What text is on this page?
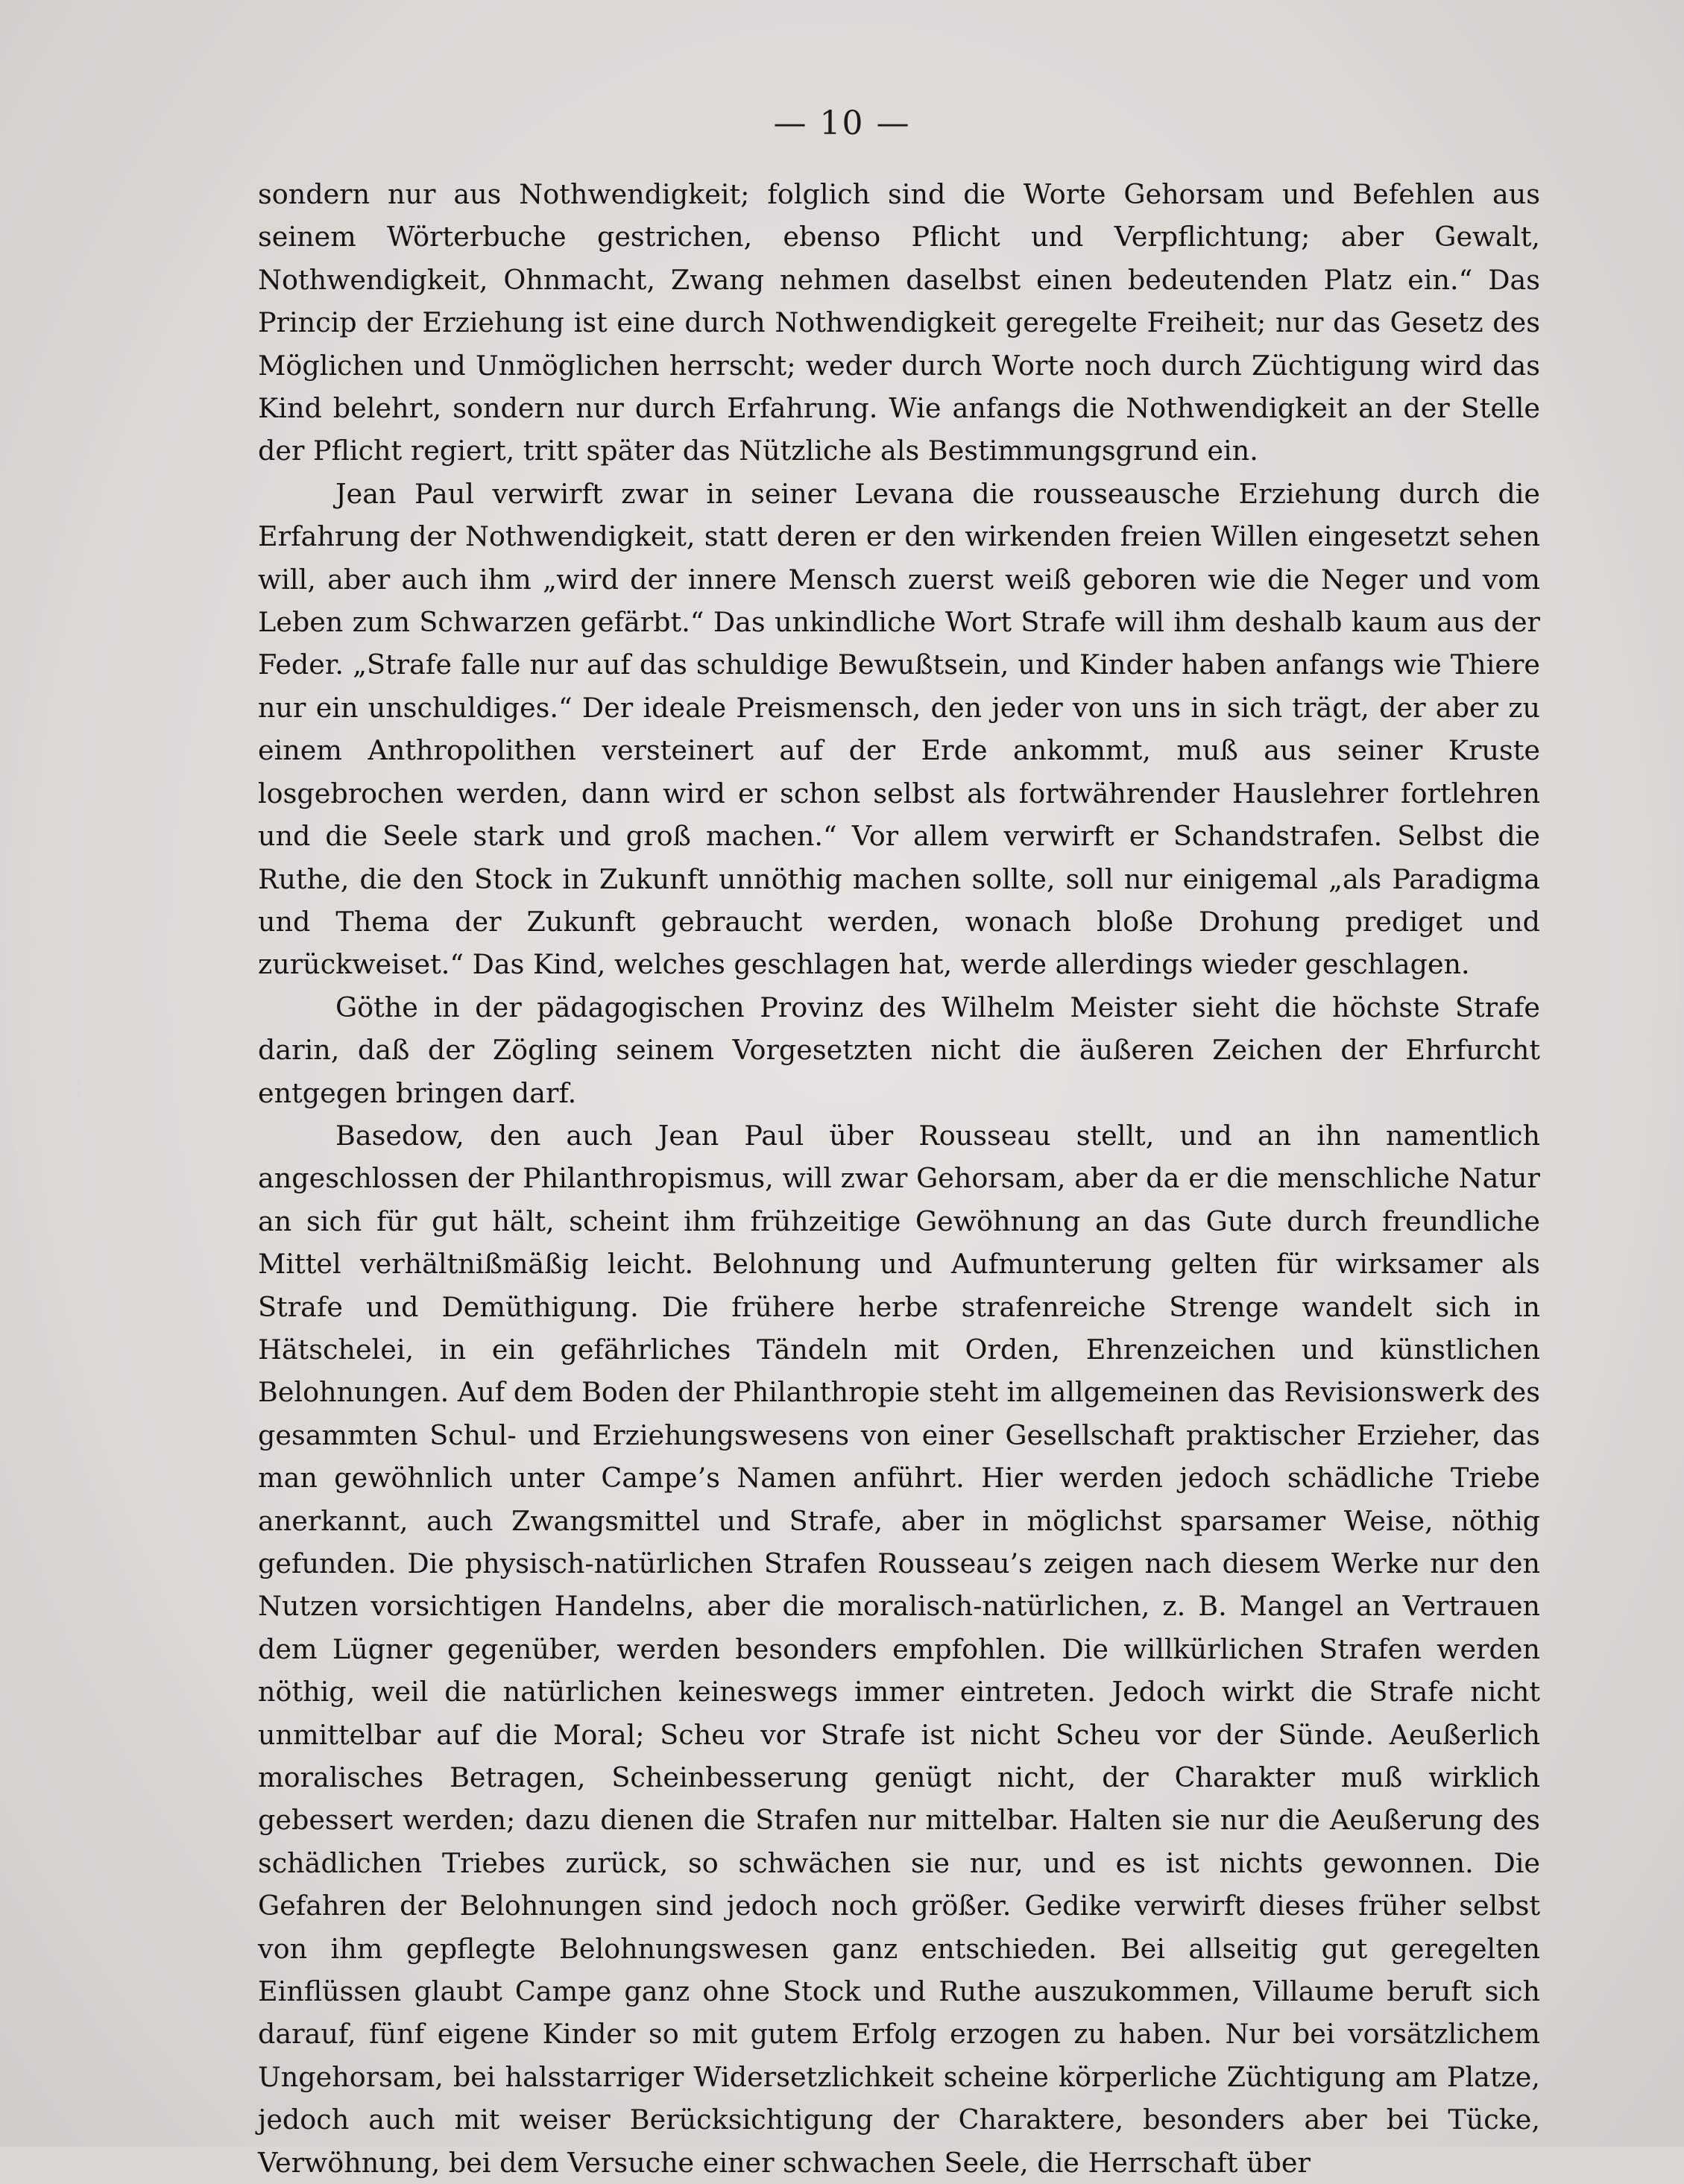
— 10 —

sondern nur aus Nothwendigkeit; folglich sind die Worte Gehorsam und Befehlen aus seinem Wörterbuche gestrichen, ebenso Pflicht und Verpflichtung; aber Gewalt, Nothwendigkeit, Ohnmacht, Zwang nehmen daselbst einen bedeutenden Platz ein.“ Das Princip der Erziehung ist eine durch Nothwendigkeit geregelte Freiheit; nur das Gesetz des Möglichen und Unmöglichen herrscht; weder durch Worte noch durch Züchtigung wird das Kind belehrt, sondern nur durch Erfahrung. Wie anfangs die Nothwendigkeit an der Stelle der Pflicht regiert, tritt später das Nützliche als Bestimmungsgrund ein.

Jean Paul verwirft zwar in seiner Levana die rousseausche Erziehung durch die Erfahrung der Nothwendigkeit, statt deren er den wirkenden freien Willen eingesetzt sehen will, aber auch ihm „wird der innere Mensch zuerst weiß geboren wie die Neger und vom Leben zum Schwarzen gefärbt.“ Das unkindliche Wort Strafe will ihm deshalb kaum aus der Feder. „Strafe falle nur auf das schuldige Bewußtsein, und Kinder haben anfangs wie Thiere nur ein unschuldiges.“ Der ideale Preismensch, den jeder von uns in sich trägt, der aber zu einem Anthropolithen versteinert auf der Erde ankommt, muß aus seiner Kruste losgebrochen werden, dann wird er schon selbst als fortwährender Hauslehrer fortlehren und die Seele stark und groß machen.“ Vor allem verwirft er Schandstrafen. Selbst die Ruthe, die den Stock in Zukunft unnöthig machen sollte, soll nur einigemal „als Paradigma und Thema der Zukunft gebraucht werden, wonach bloße Drohung prediget und zurückweiset.“ Das Kind, welches geschlagen hat, werde allerdings wieder geschlagen.

Göthe in der pädagogischen Provinz des Wilhelm Meister sieht die höchste Strafe darin, daß der Zögling seinem Vorgesetzten nicht die äußeren Zeichen der Ehrfurcht entgegen bringen darf.

Basedow, den auch Jean Paul über Rousseau stellt, und an ihn namentlich angeschlossen der Philanthropismus, will zwar Gehorsam, aber da er die menschliche Natur an sich für gut hält, scheint ihm frühzeitige Gewöhnung an das Gute durch freundliche Mittel verhältnißmäßig leicht. Belohnung und Aufmunterung gelten für wirksamer als Strafe und Demüthigung. Die frühere herbe strafenreiche Strenge wandelt sich in Hätschelei, in ein gefährliches Tändeln mit Orden, Ehrenzeichen und künstlichen Belohnungen. Auf dem Boden der Philanthropie steht im allgemeinen das Revisionswerk des gesammten Schul- und Erziehungswesens von einer Gesellschaft praktischer Erzieher, das man gewöhnlich unter Campe’s Namen anführt. Hier werden jedoch schädliche Triebe anerkannt, auch Zwangsmittel und Strafe, aber in möglichst sparsamer Weise, nöthig gefunden. Die physisch-natürlichen Strafen Rousseau’s zeigen nach diesem Werke nur den Nutzen vorsichtigen Handelns, aber die moralisch-natürlichen, z. B. Mangel an Vertrauen dem Lügner gegenüber, werden besonders empfohlen. Die willkürlichen Strafen werden nöthig, weil die natürlichen keineswegs immer eintreten. Jedoch wirkt die Strafe nicht unmittelbar auf die Moral; Scheu vor Strafe ist nicht Scheu vor der Sünde. Aeußerlich moralisches Betragen, Scheinbesserung genügt nicht, der Charakter muß wirklich gebessert werden; dazu dienen die Strafen nur mittelbar. Halten sie nur die Aeußerung des schädlichen Triebes zurück, so schwächen sie nur, und es ist nichts gewonnen. Die Gefahren der Belohnungen sind jedoch noch größer. Gedike verwirft dieses früher selbst von ihm gepflegte Belohnungswesen ganz entschieden. Bei allseitig gut geregelten Einflüssen glaubt Campe ganz ohne Stock und Ruthe auszukommen, Villaume beruft sich darauf, fünf eigene Kinder so mit gutem Erfolg erzogen zu haben. Nur bei vorsätzlichem Ungehorsam, bei halsstarriger Widersetzlichkeit scheine körperliche Züchtigung am Platze, jedoch auch mit weiser Berücksichtigung der Charaktere, besonders aber bei Tücke, Verwöhnung, bei dem Versuche einer schwachen Seele, die Herrschaft über
